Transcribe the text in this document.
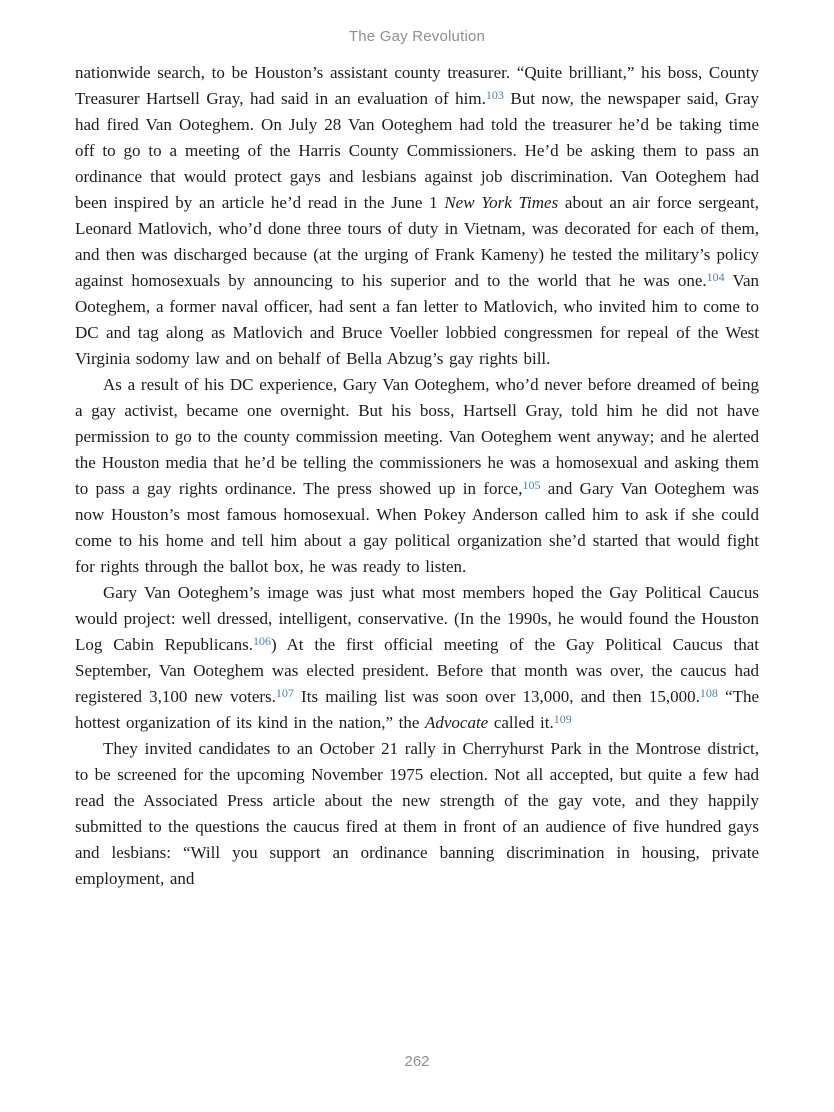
The Gay Revolution

nationwide search, to be Houston’s assistant county treasurer. “Quite brilliant,” his boss, County Treasurer Hartsell Gray, had said in an evaluation of him.$^{103}$ But now, the newspaper said, Gray had fired Van Ooteghem. On July 28 Van Ooteghem had told the treasurer he’d be taking time off to go to a meeting of the Harris County Commissioners. He’d be asking them to pass an ordinance that would protect gays and lesbians against job discrimination. Van Ooteghem had been inspired by an article he’d read in the June 1 New York Times about an air force sergeant, Leonard Matlovich, who’d done three tours of duty in Vietnam, was decorated for each of them, and then was discharged because (at the urging of Frank Kameny) he tested the military’s policy against homosexuals by announcing to his superior and to the world that he was one.$^{104}$ Van Ooteghem, a former naval officer, had sent a fan letter to Matlovich, who invited him to come to DC and tag along as Matlovich and Bruce Voeller lobbied congressmen for repeal of the West Virginia sodomy law and on behalf of Bella Abzug’s gay rights bill.

As a result of his DC experience, Gary Van Ooteghem, who’d never before dreamed of being a gay activist, became one overnight. But his boss, Hartsell Gray, told him he did not have permission to go to the county commission meeting. Van Ooteghem went anyway; and he alerted the Houston media that he’d be telling the commissioners he was a homosexual and asking them to pass a gay rights ordinance. The press showed up in force,$^{105}$ and Gary Van Ooteghem was now Houston’s most famous homosexual. When Pokey Anderson called him to ask if she could come to his home and tell him about a gay political organization she’d started that would fight for rights through the ballot box, he was ready to listen.

Gary Van Ooteghem’s image was just what most members hoped the Gay Political Caucus would project: well dressed, intelligent, conservative. (In the 1990s, he would found the Houston Log Cabin Republicans.$^{106}$) At the first official meeting of the Gay Political Caucus that September, Van Ooteghem was elected president. Before that month was over, the caucus had registered 3,100 new voters.$^{107}$ Its mailing list was soon over 13,000, and then 15,000.$^{108}$ “The hottest organization of its kind in the nation,” the Advocate called it.$^{109}$

They invited candidates to an October 21 rally in Cherryhurst Park in the Montrose district, to be screened for the upcoming November 1975 election. Not all accepted, but quite a few had read the Associated Press article about the new strength of the gay vote, and they happily submitted to the questions the caucus fired at them in front of an audience of five hundred gays and lesbians: “Will you support an ordinance banning discrimination in housing, private employment, and

262
